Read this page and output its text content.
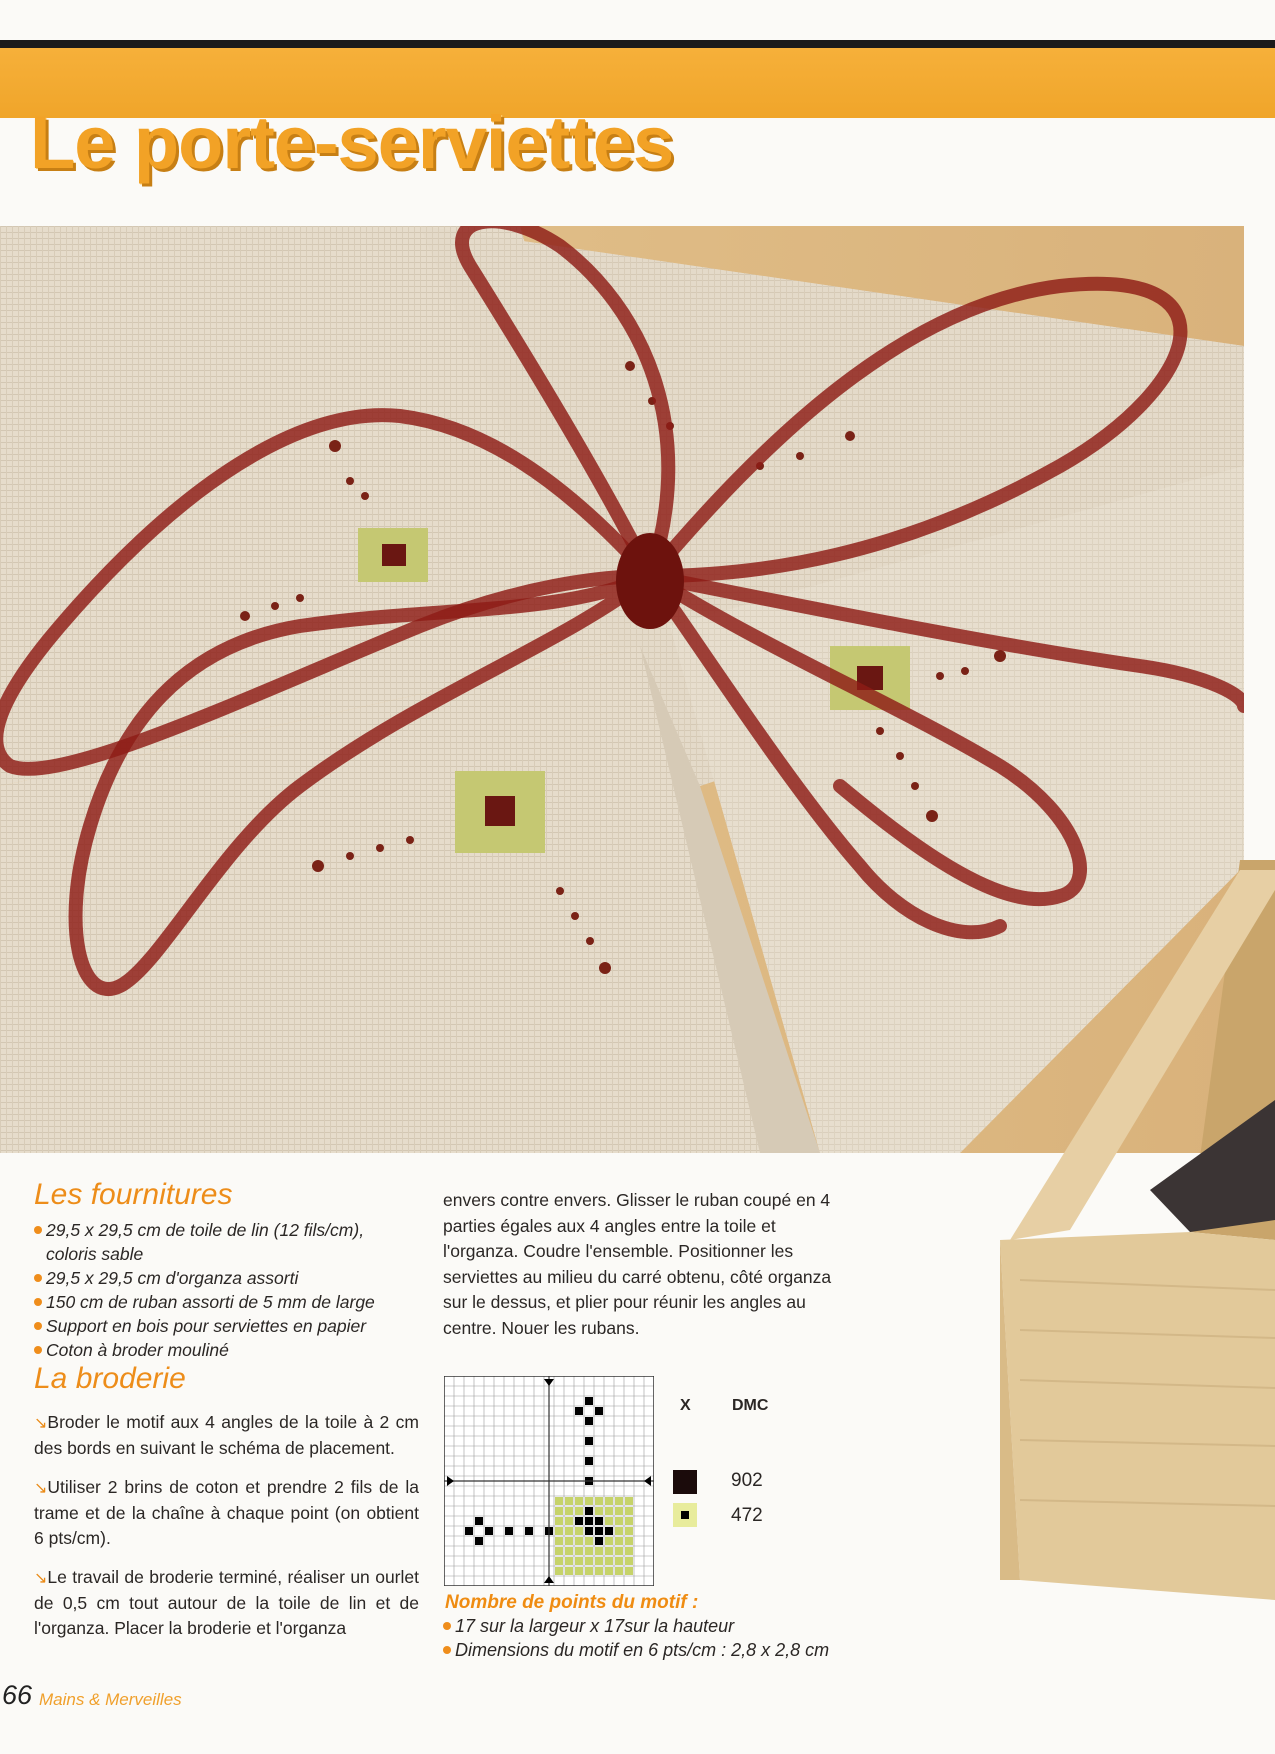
Le porte-serviettes
Les fournitures
29,5 x 29,5 cm de toile de lin (12 fils/cm), coloris sable
29,5 x 29,5 cm d'organza assorti
150 cm de ruban assorti de 5 mm de large
Support en bois pour serviettes en papier
Coton à broder mouliné
La broderie

↘Broder le motif aux 4 angles de la toile à 2 cm des bords en suivant le schéma de placement.

↘Utiliser 2 brins de coton et prendre 2 fils de la trame et de la chaîne à chaque point (on obtient 6 pts/cm).

↘Le travail de broderie terminé, réaliser un ourlet de 0,5 cm tout autour de la toile de lin et de l'organza. Placer la broderie et l'organza

envers contre envers. Glisser le ruban coupé en 4 parties égales aux 4 angles entre la toile et l'organza. Coudre l'ensemble. Positionner les serviettes au milieu du carré obtenu, côté organza sur le dessus, et plier pour réunir les angles au centre. Nouer les rubans.

X	DMC
902
472

Nombre de points du motif :

17 sur la largeur x 17sur la hauteur
Dimensions du motif en 6 pts/cm : 2,8 x 2,8 cm
66 Mains & Merveilles
